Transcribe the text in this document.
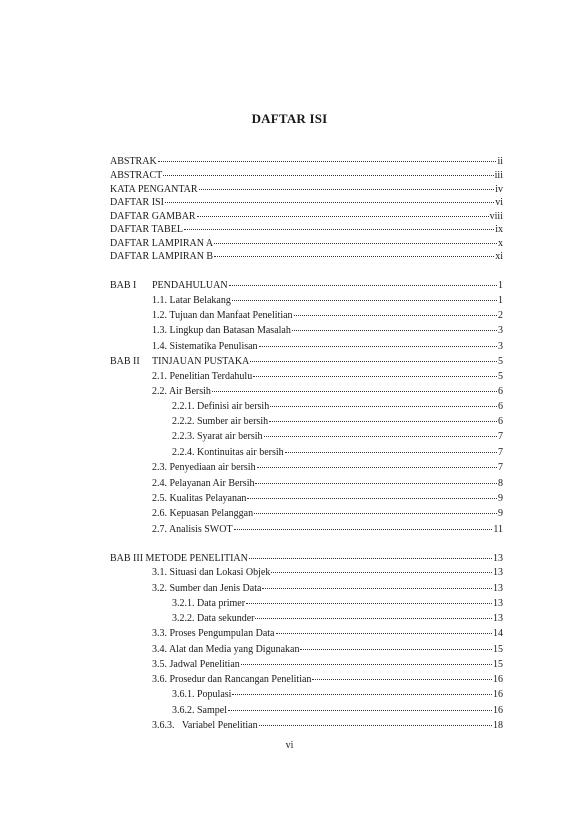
DAFTAR ISI
ABSTRAK	ii
ABSTRACT	iii
KATA PENGANTAR	iv
DAFTAR ISI	vi
DAFTAR GAMBAR	viii
DAFTAR TABEL	ix
DAFTAR LAMPIRAN A	x
DAFTAR LAMPIRAN B	xi
BAB I PENDAHULUAN	1
1.1. Latar Belakang	1
1.2. Tujuan dan Manfaat Penelitian	2
1.3. Lingkup dan Batasan Masalah	3
1.4. Sistematika Penulisan	3
BAB II TINJAUAN PUSTAKA	5
2.1. Penelitian Terdahulu	5
2.2. Air Bersih	6
2.2.1. Definisi air bersih	6
2.2.2. Sumber air bersih	6
2.2.3. Syarat air bersih	7
2.2.4. Kontinuitas air bersih	7
2.3. Penyediaan air bersih	7
2.4. Pelayanan Air Bersih	8
2.5. Kualitas Pelayanan	9
2.6. Kepuasan Pelanggan	9
2.7. Analisis SWOT	11
BAB III METODE PENELITIAN	13
3.1. Situasi dan Lokasi Objek	13
3.2. Sumber dan Jenis Data	13
3.2.1. Data primer	13
3.2.2. Data sekunder	13
3.3. Proses Pengumpulan Data	14
3.4. Alat dan Media yang Digunakan	15
3.5. Jadwal Penelitian	15
3.6. Prosedur dan Rancangan Penelitian	16
3.6.1. Populasi	16
3.6.2. Sampel	16
3.6.3.   Variabel Penelitian	18
vi
